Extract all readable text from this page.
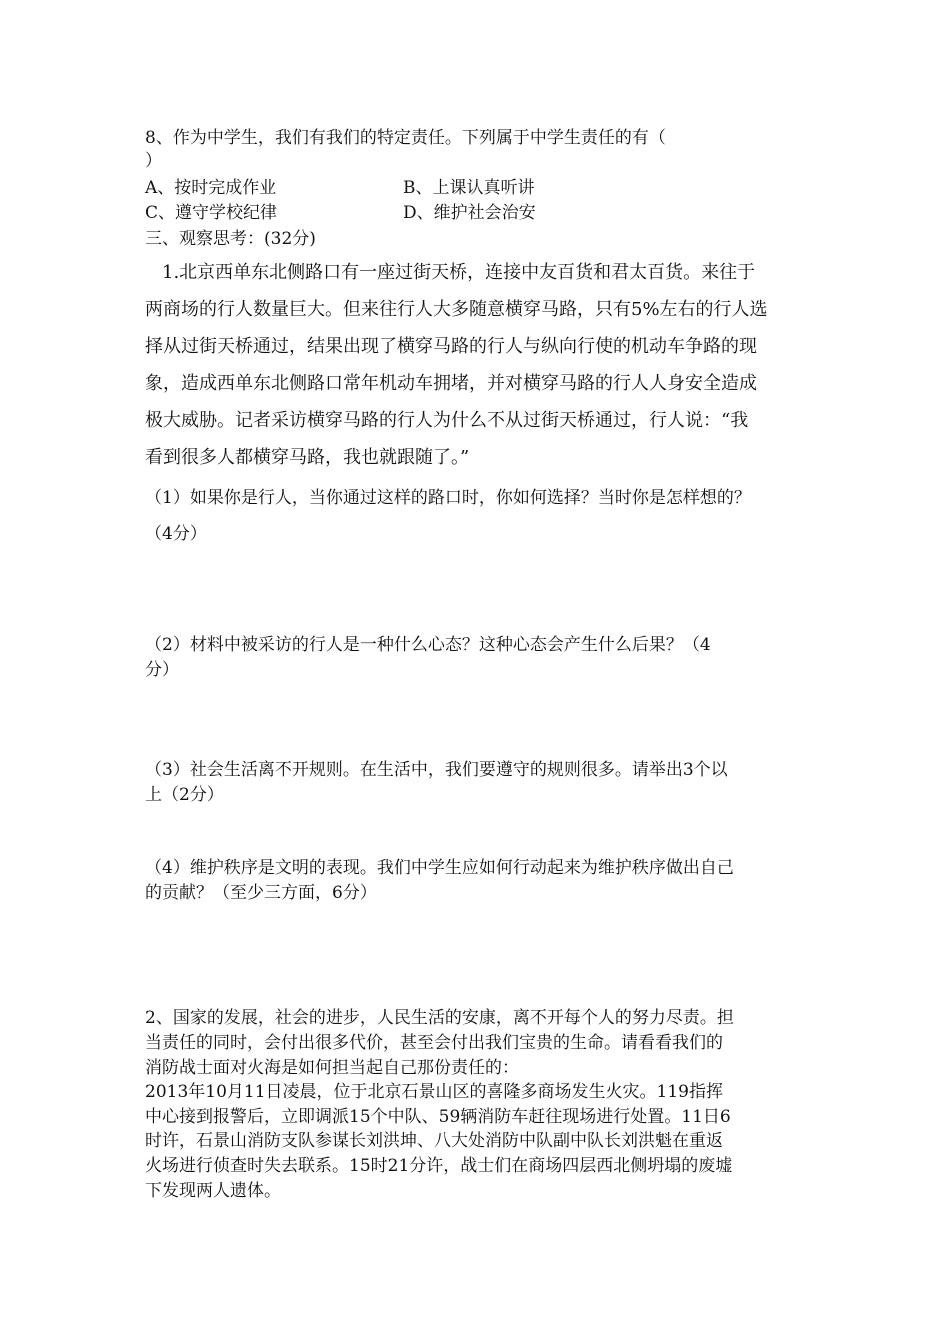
8、作为中学生，我们有我们的特定责任。下列属于中学生责任的有（
）
A、按时完成作业	B、上课认真听讲
C、遵守学校纪律	D、维护社会治安
三、观察思考：(32分)
1.北京西单东北侧路口有一座过街天桥，连接中友百货和君太百货。来往于
两商场的行人数量巨大。但来往行人大多随意横穿马路，只有5%左右的行人选
择从过街天桥通过，结果出现了横穿马路的行人与纵向行使的机动车争路的现
象，造成西单东北侧路口常年机动车拥堵，并对横穿马路的行人人身安全造成
极大威胁。记者采访横穿马路的行人为什么不从过街天桥通过，行人说：“我
看到很多人都横穿马路，我也就跟随了。”
（1）如果你是行人，当你通过这样的路口时，你如何选择？当时你是怎样想的？
（4分）
（2）材料中被采访的行人是一种什么心态？这种心态会产生什么后果？（4
分）
（3）社会生活离不开规则。在生活中，我们要遵守的规则很多。请举出3个以
上（2分）
（4）维护秩序是文明的表现。我们中学生应如何行动起来为维护秩序做出自己
的贡献？（至少三方面，6分）
2、国家的发展，社会的进步，人民生活的安康，离不开每个人的努力尽责。担
当责任的同时，会付出很多代价，甚至会付出我们宝贵的生命。请看看我们的
消防战士面对火海是如何担当起自己那份责任的：
2013年10月11日凌晨，位于北京石景山区的喜隆多商场发生火灾。119指挥
中心接到报警后，立即调派15个中队、59辆消防车赶往现场进行处置。11日6
时许，石景山消防支队参谋长刘洪坤、八大处消防中队副中队长刘洪魁在重返
火场进行侦查时失去联系。15时21分许，战士们在商场四层西北侧坍塌的废墟
下发现两人遗体。
